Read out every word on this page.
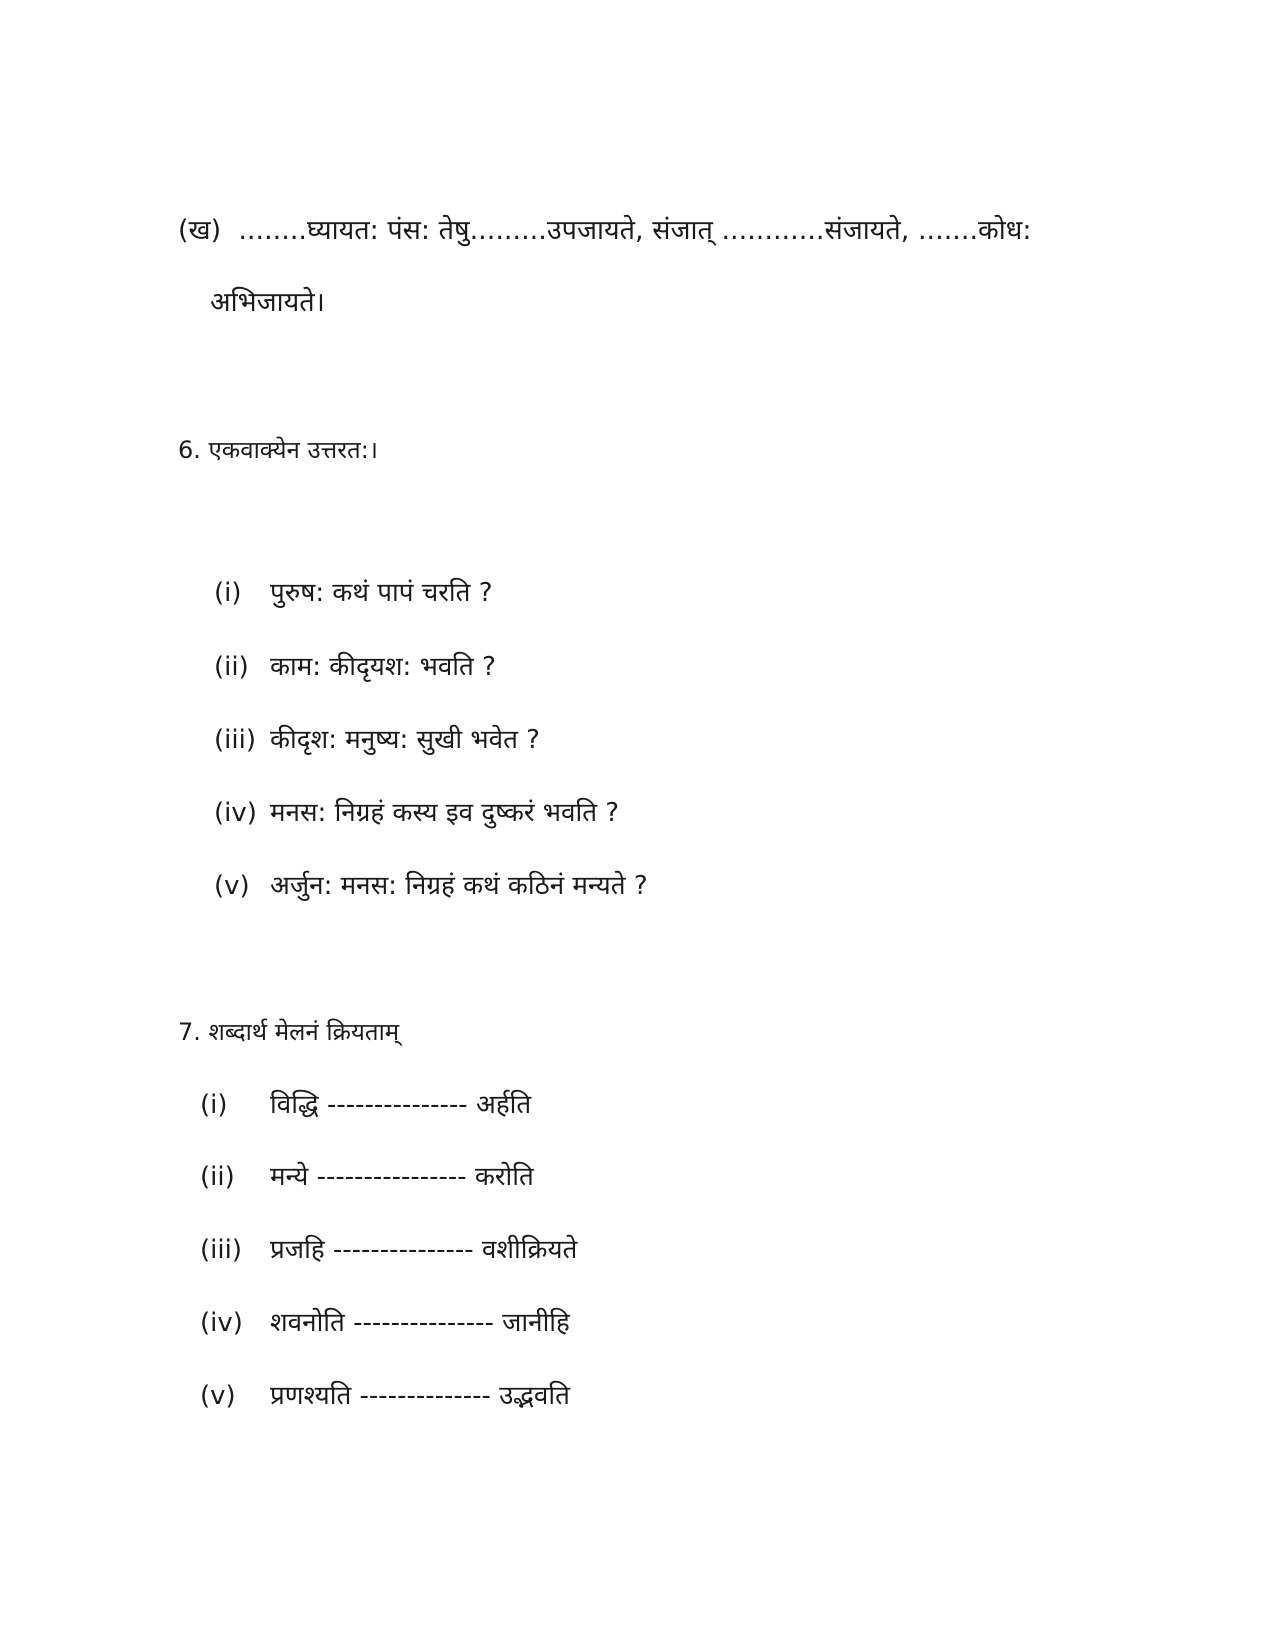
(ख) ........घ्यायत: पंस: तेषु.........उपजायते, संजात् ............संजायते, .......कोध:
अभिजायते।
6. एकवाक्येन उत्तरत:।
(i) पुरुष: कथं पापं चरति ?
(ii) काम: कीदृयश: भवति ?
(iii) कीदृश: मनुष्य: सुखी भवेत ?
(iv) मनस: निग्रहं कस्य इव दुष्करं भवति ?
(v) अर्जुन: मनस: निग्रहं कथं कठिनं मन्यते ?
7. शब्दार्थ मेलनं क्रियताम्
(i) विद्धि --------------- अर्हति
(ii) मन्ये ---------------- करोति
(iii) प्रजहि --------------- वशीक्रियते
(iv) शवनोति --------------- जानीहि
(v) प्रणश्यति -------------- उद्भवति
